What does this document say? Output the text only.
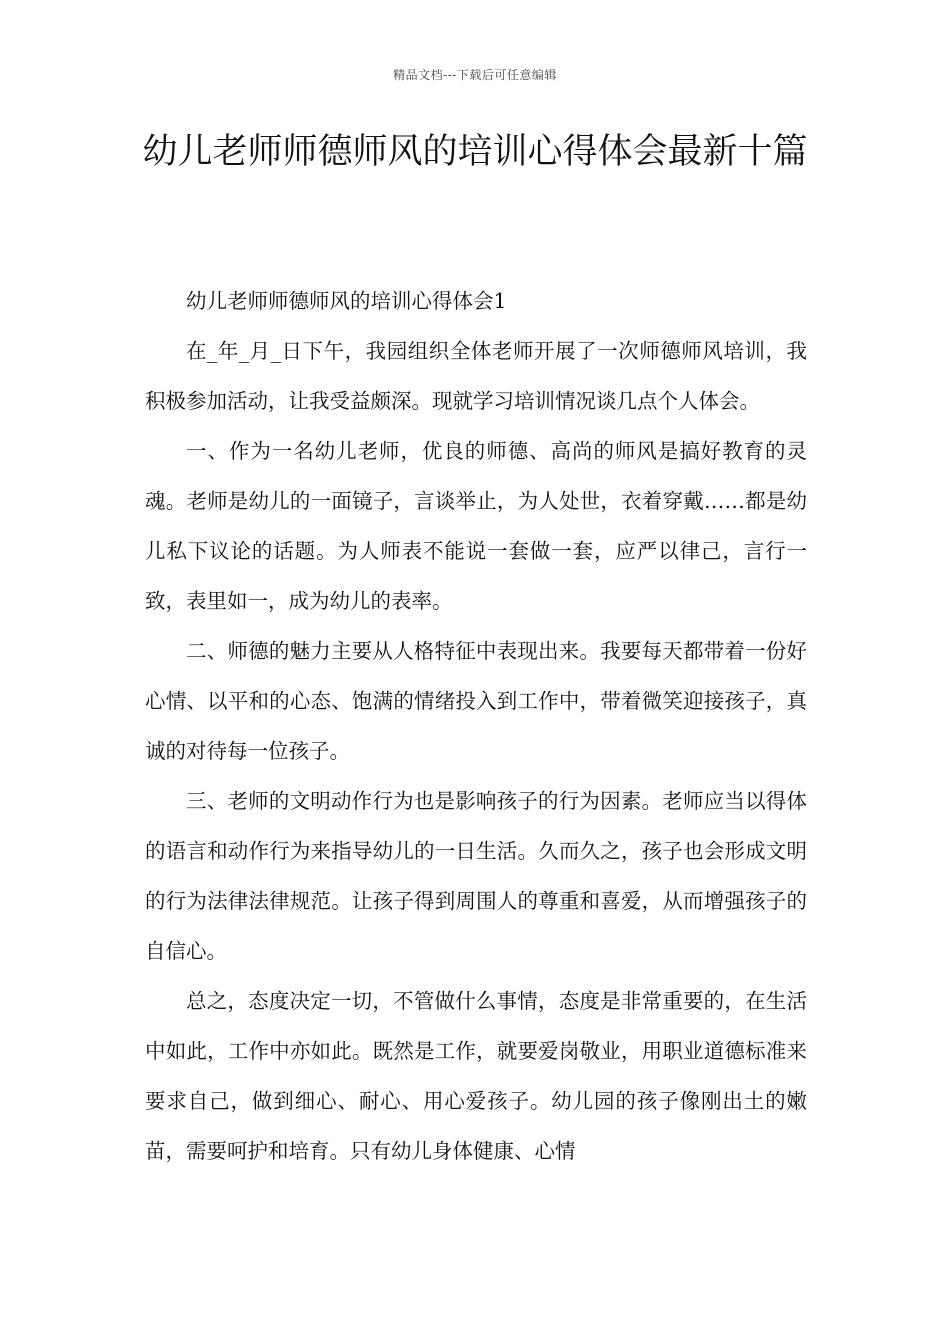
精品文档---下载后可任意编辑
幼儿老师师德师风的培训心得体会最新十篇

幼儿老师师德师风的培训心得体会1

在_年_月_日下午，我园组织全体老师开展了一次师德师风培训，我积极参加活动，让我受益颇深。现就学习培训情况谈几点个人体会。

一、作为一名幼儿老师，优良的师德、高尚的师风是搞好教育的灵魂。老师是幼儿的一面镜子，言谈举止，为人处世，衣着穿戴……都是幼儿私下议论的话题。为人师表不能说一套做一套，应严以律己，言行一致，表里如一，成为幼儿的表率。

二、师德的魅力主要从人格特征中表现出来。我要每天都带着一份好心情、以平和的心态、饱满的情绪投入到工作中，带着微笑迎接孩子，真诚的对待每一位孩子。

三、老师的文明动作行为也是影响孩子的行为因素。老师应当以得体的语言和动作行为来指导幼儿的一日生活。久而久之，孩子也会形成文明的行为法律法律规范。让孩子得到周围人的尊重和喜爱，从而增强孩子的自信心。

总之，态度决定一切，不管做什么事情，态度是非常重要的，在生活中如此，工作中亦如此。既然是工作，就要爱岗敬业，用职业道德标准来要求自己，做到细心、耐心、用心爱孩子。幼儿园的孩子像刚出土的嫩苗，需要呵护和培育。只有幼儿身体健康、心情
